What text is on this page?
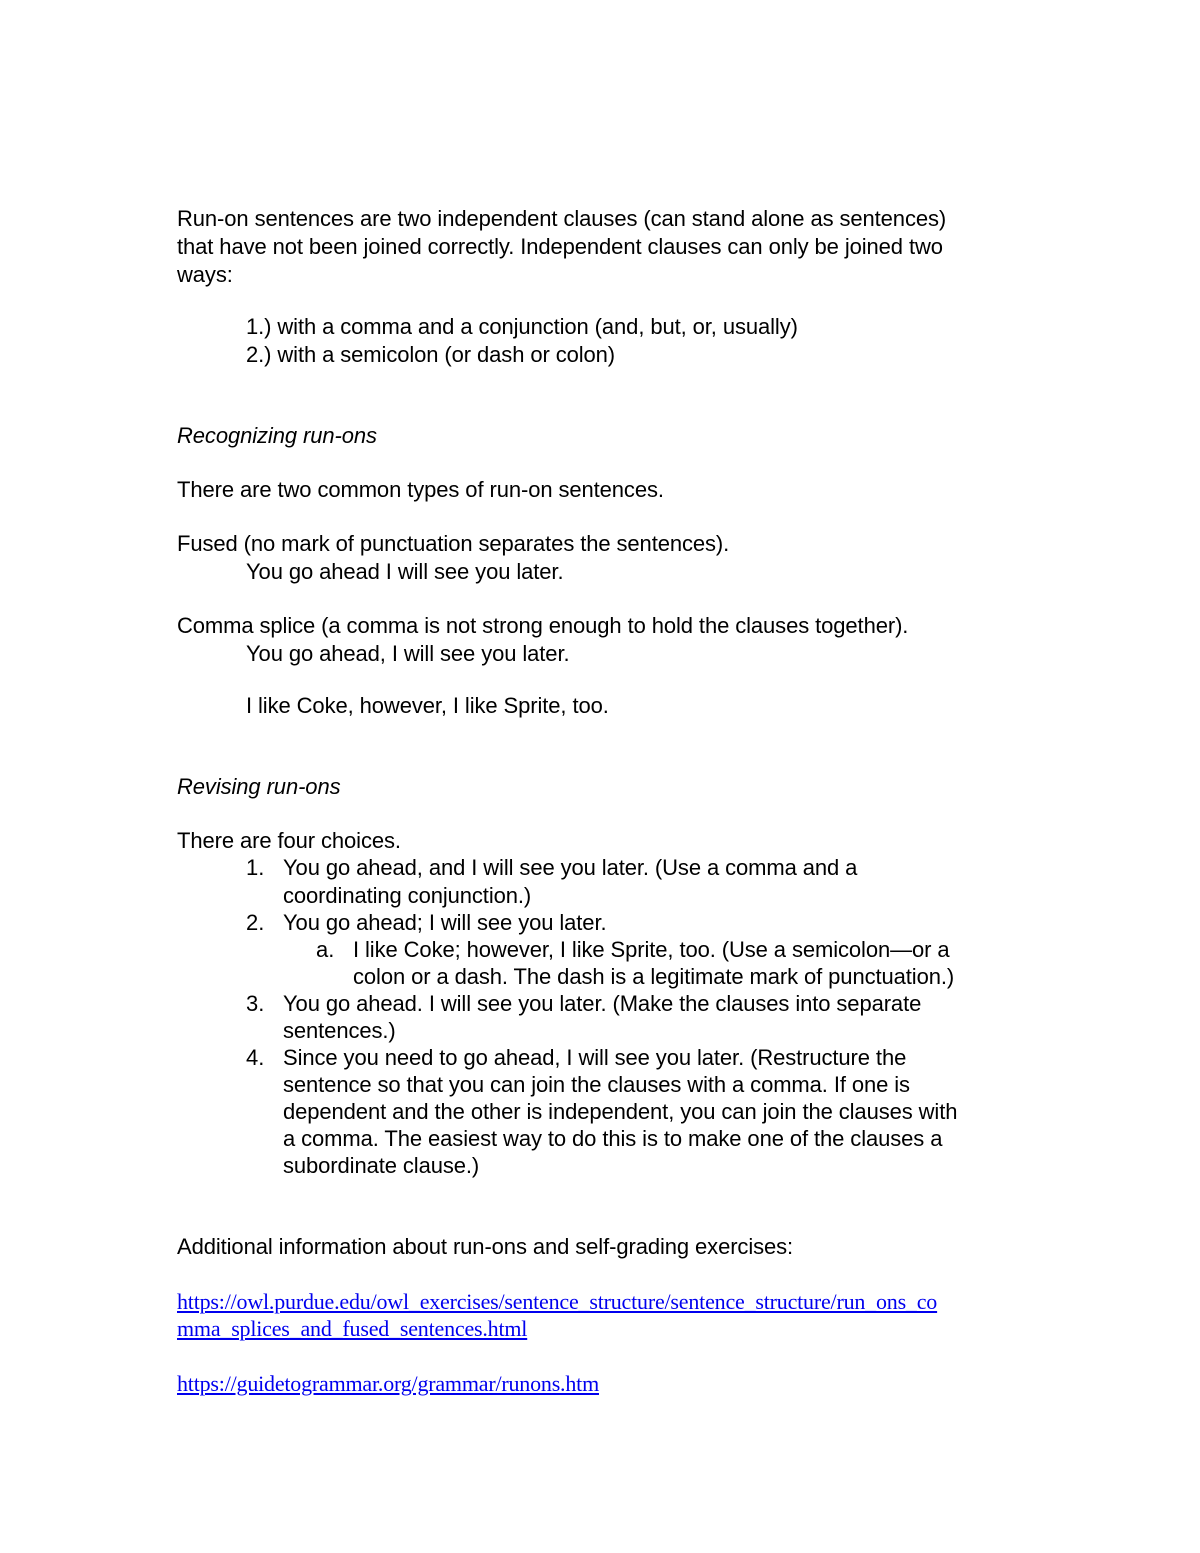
Run-on sentences are two independent clauses (can stand alone as sentences)
that have not been joined correctly. Independent clauses can only be joined two
ways:
1.) with a comma and a conjunction (and, but, or, usually)
2.) with a semicolon (or dash or colon)
Recognizing run-ons
There are two common types of run-on sentences.
Fused (no mark of punctuation separates the sentences).
You go ahead I will see you later.
Comma splice (a comma is not strong enough to hold the clauses together).
You go ahead, I will see you later.
I like Coke, however, I like Sprite, too.
Revising run-ons
There are four choices.
1. You go ahead, and I will see you later. (Use a comma and a
coordinating conjunction.)
2. You go ahead; I will see you later.
a. I like Coke; however, I like Sprite, too. (Use a semicolon—or a
colon or a dash. The dash is a legitimate mark of punctuation.)
3. You go ahead. I will see you later. (Make the clauses into separate
sentences.)
4. Since you need to go ahead, I will see you later. (Restructure the
sentence so that you can join the clauses with a comma. If one is
dependent and the other is independent, you can join the clauses with
a comma. The easiest way to do this is to make one of the clauses a
subordinate clause.)
Additional information about run-ons and self-grading exercises:
https://owl.purdue.edu/owl_exercises/sentence_structure/sentence_structure/run_ons_co
mma_splices_and_fused_sentences.html
https://guidetogrammar.org/grammar/runons.htm
